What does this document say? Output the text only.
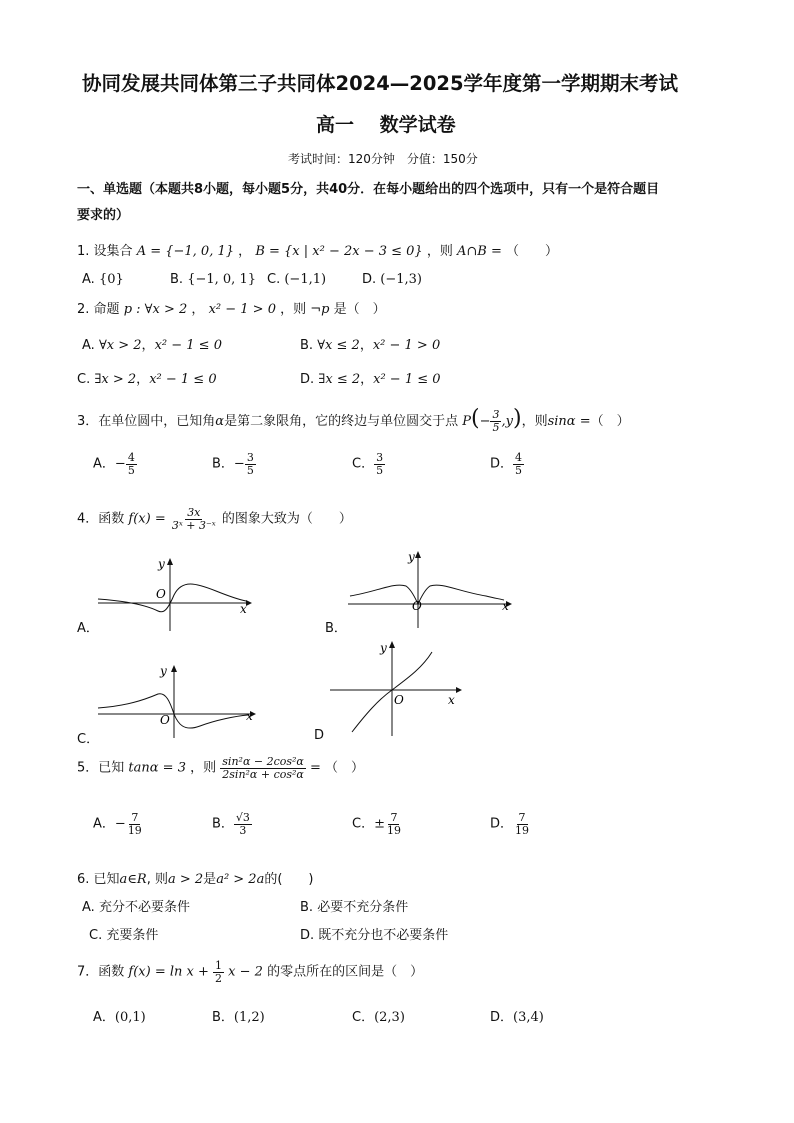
协同发展共同体第三子共同体2024—2025学年度第一学期期末考试
高一　 数学试卷
考试时间：120分钟　分值：150分
一、单选题（本题共8小题，每小题5分，共40分．在每小题给出的四个选项中，只有一个是符合题目
要求的）
1. 设集合 A = {−1, 0, 1} ， B = {x | x² − 2x − 3 ≤ 0} ，则 A∩B = （　　）
A. {0}	B. {−1, 0, 1} C. (−1,1)	D. (−1,3)
2. 命题 p : ∀x > 2 ， x² − 1 > 0 ，则 ¬p 是（　）
A. ∀x > 2，x² − 1 ≤ 0	B. ∀x ≤ 2，x² − 1 > 0
C. ∃x > 2，x² − 1 ≤ 0	D. ∃x ≤ 2，x² − 1 ≤ 0
3．在单位圆中，已知角α是第二象限角，它的终边与单位圆交于点 $P(- \frac{3}{5} ,y)$，则sinα =（　）
A．− $\frac{4}{5}$	B．− $\frac{3}{5}$	C． $\frac{3}{5}$	D． $\frac{4}{5}$
4．函数 $f(x) = \frac{3x}{\text{3ˣ + 3⁻ˣ}}$ 的图象大致为（　　）
y
O
x
A．
y
O	x
B．
y
O	x
C．
y
O	x
D
5．已知 tanα = 3 ，则 $\frac{\text{sin²α − 2cos²α}}{\text{2sin²α + cos²α}}$ = （　）
A．− $\frac{7}{19}$	B． $\frac{√3}{3}$	C．± $\frac{7}{19}$	D． $\frac{7}{19}$
6. 已知a∈R, 则a > 2是a² > 2a的(　　)
A. 充分不必要条件	B. 必要不充分条件
C. 充要条件	D. 既不充分也不必要条件
7．函数 $f(x) = \ln x + \frac{1}{2}$ x − 2 的零点所在的区间是（　）
A．(0,1)	B．(1,2)	C．(2,3)	D．(3,4)
